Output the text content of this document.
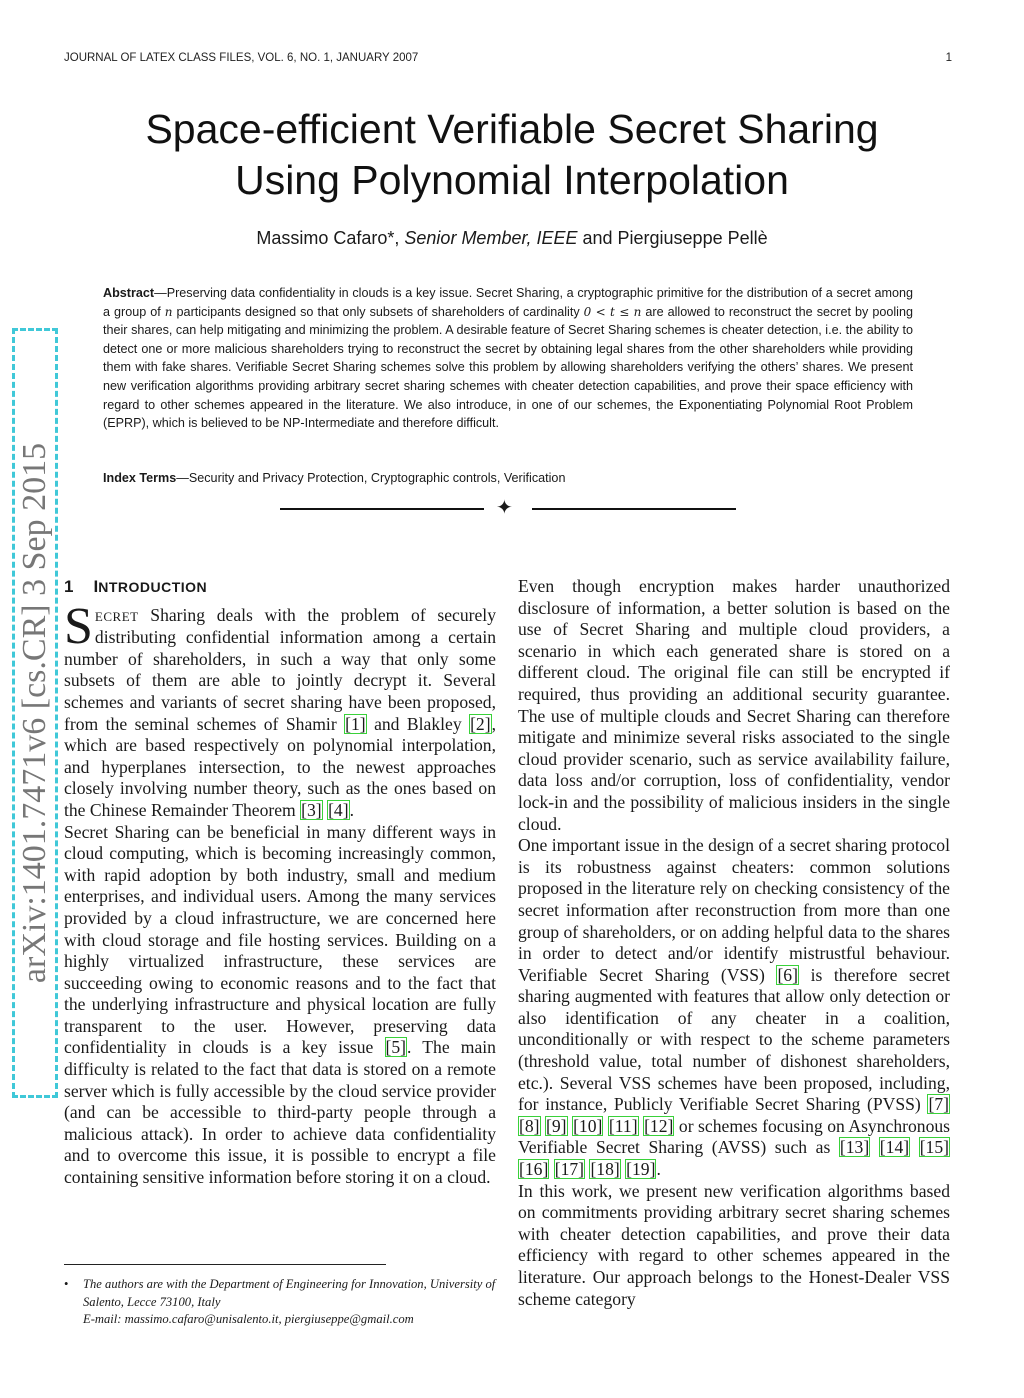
JOURNAL OF LATEX CLASS FILES, VOL. 6, NO. 1, JANUARY 2007	1
Space-efficient Verifiable Secret Sharing
Using Polynomial Interpolation
Massimo Cafaro*, Senior Member, IEEE and Piergiuseppe Pellè

Abstract—Preserving data confidentiality in clouds is a key issue. Secret Sharing, a cryptographic primitive for the distribution of a secret among a group of n participants designed so that only subsets of shareholders of cardinality 0 < t ≤ n are allowed to reconstruct the secret by pooling their shares, can help mitigating and minimizing the problem. A desirable feature of Secret Sharing schemes is cheater detection, i.e. the ability to detect one or more malicious shareholders trying to reconstruct the secret by obtaining legal shares from the other shareholders while providing them with fake shares. Verifiable Secret Sharing schemes solve this problem by allowing shareholders verifying the others’ shares. We present new verification algorithms providing arbitrary secret sharing schemes with cheater detection capabilities, and prove their space efficiency with regard to other schemes appeared in the literature. We also introduce, in one of our schemes, the Exponentiating Polynomial Root Problem (EPRP), which is believed to be NP-Intermediate and therefore difficult.

Index Terms—Security and Privacy Protection, Cryptographic controls, Verification

✦
arXiv:1401.7471v6 [cs.CR] 3 Sep 2015 1 INTRODUCTION

SECRET Sharing deals with the problem of securely distributing confidential information among a certain number of shareholders, in such a way that only some subsets of them are able to jointly decrypt it. Several schemes and variants of secret sharing have been proposed, from the seminal schemes of Shamir [1] and Blakley [2], which are based respectively on polynomial interpolation, and hyperplanes intersection, to the newest approaches closely involving number theory, such as the ones based on the Chinese Remainder Theorem [3] [4].

Secret Sharing can be beneficial in many different ways in cloud computing, which is becoming increasingly common, with rapid adoption by both industry, small and medium enterprises, and individual users. Among the many services provided by a cloud infrastructure, we are concerned here with cloud storage and file hosting services. Building on a highly virtualized infrastructure, these services are succeeding owing to economic reasons and to the fact that the underlying infrastructure and physical location are fully transparent to the user. However, preserving data confidentiality in clouds is a key issue [5]. The main difficulty is related to the fact that data is stored on a remote server which is fully accessible by the cloud service provider (and can be accessible to third-party people through a malicious attack). In order to achieve data confidentiality and to overcome this issue, it is possible to encrypt a file containing sensitive information before storing it on a cloud.

• The authors are with the Department of Engineering for Innovation, University of Salento, Lecce 73100, Italy
E-mail: massimo.cafaro@unisalento.it, piergiuseppe@gmail.com

Even though encryption makes harder unauthorized disclosure of information, a better solution is based on the use of Secret Sharing and multiple cloud providers, a scenario in which each generated share is stored on a different cloud. The original file can still be encrypted if required, thus providing an additional security guarantee. The use of multiple clouds and Secret Sharing can therefore mitigate and minimize several risks associated to the single cloud provider scenario, such as service availability failure, data loss and/or corruption, loss of confidentiality, vendor lock-in and the possibility of malicious insiders in the single cloud.

One important issue in the design of a secret sharing protocol is its robustness against cheaters: common solutions proposed in the literature rely on checking consistency of the secret information after reconstruction from more than one group of shareholders, or on adding helpful data to the shares in order to detect and/or identify mistrustful behaviour. Verifiable Secret Sharing (VSS) [6] is therefore secret sharing augmented with features that allow only detection or also identification of any cheater in a coalition, unconditionally or with respect to the scheme parameters (threshold value, total number of dishonest shareholders, etc.). Several VSS schemes have been proposed, including, for instance, Publicly Verifiable Secret Sharing (PVSS) [7] [8] [9] [10] [11] [12] or schemes focusing on Asynchronous Verifiable Secret Sharing (AVSS) such as [13] [14] [15] [16] [17] [18] [19].

In this work, we present new verification algorithms based on commitments providing arbitrary secret sharing schemes with cheater detection capabilities, and prove their data efficiency with regard to other schemes appeared in the literature. Our approach belongs to the Honest-Dealer VSS scheme category
